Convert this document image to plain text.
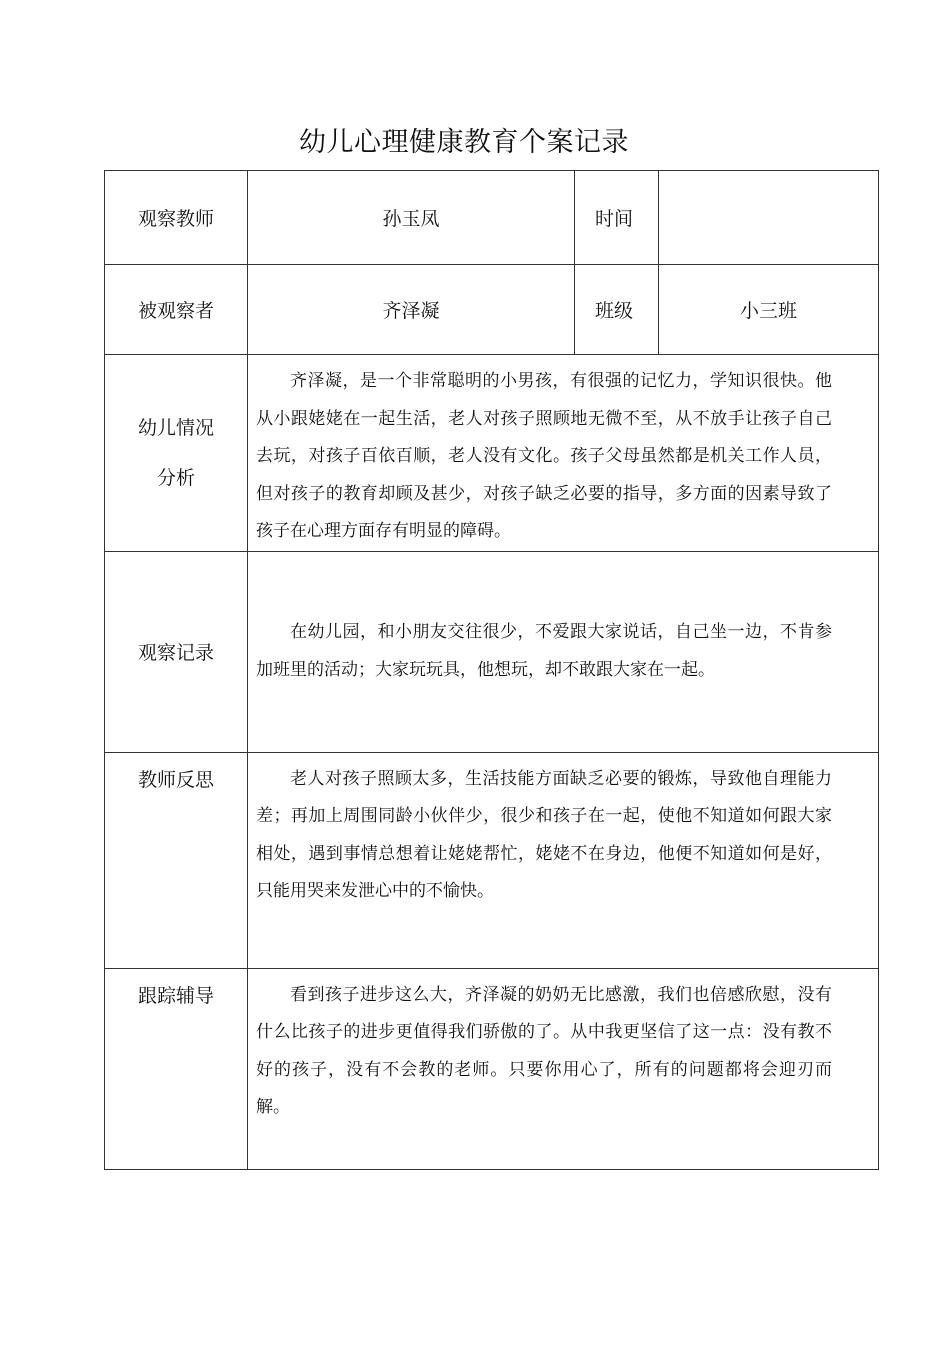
幼儿心理健康教育个案记录
观察教师	孙玉凤	时间	
被观察者	齐泽凝	班级	小三班

幼儿情况
分析	齐泽凝，是一个非常聪明的小男孩，有很强的记忆力，学知识很快。他从小跟姥姥在一起生活，老人对孩子照顾地无微不至，从不放手让孩子自己去玩，对孩子百依百顺，老人没有文化。孩子父母虽然都是机关工作人员，但对孩子的教育却顾及甚少，对孩子缺乏必要的指导，多方面的因素导致了孩子在心理方面存有明显的障碍。		

观察记录	在幼儿园，和小朋友交往很少，不爱跟大家说话，自己坐一边，不肯参加班里的活动；大家玩玩具，他想玩，却不敢跟大家在一起。		

教师反思	老人对孩子照顾太多，生活技能方面缺乏必要的锻炼，导致他自理能力差；再加上周围同龄小伙伴少，很少和孩子在一起，使他不知道如何跟大家相处，遇到事情总想着让姥姥帮忙，姥姥不在身边，他便不知道如何是好，只能用哭来发泄心中的不愉快。		

跟踪辅导	看到孩子进步这么大，齐泽凝的奶奶无比感激，我们也倍感欣慰，没有什么比孩子的进步更值得我们骄傲的了。从中我更坚信了这一点：没有教不好的孩子，没有不会教的老师。只要你用心了，所有的问题都将会迎刃而解。		
